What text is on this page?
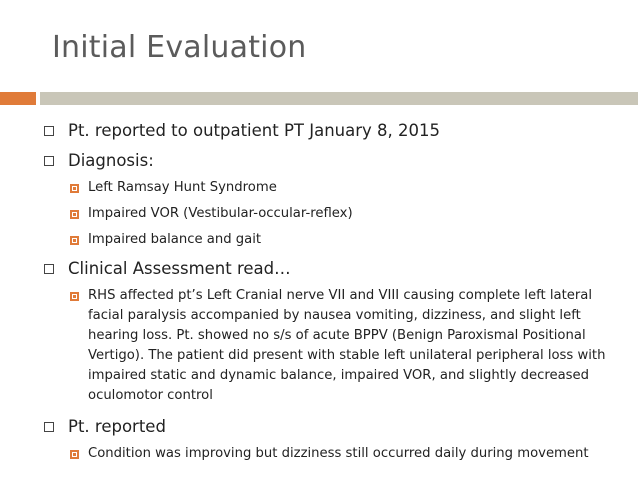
Initial Evaluation
Pt. reported to outpatient PT January 8, 2015
Diagnosis:
Left Ramsay Hunt Syndrome
Impaired VOR (Vestibular-occular-reflex)
Impaired balance and gait
Clinical Assessment read…
RHS affected pt’s Left Cranial nerve VII and VIII causing complete left lateral facial paralysis accompanied by nausea vomiting, dizziness, and slight left hearing loss. Pt. showed no s/s of acute BPPV (Benign Paroxismal Positional Vertigo). The patient did present with stable left unilateral peripheral loss with impaired static and dynamic balance, impaired VOR, and slightly decreased oculomotor control
Pt. reported
Condition was improving but dizziness still occurred daily during movement
